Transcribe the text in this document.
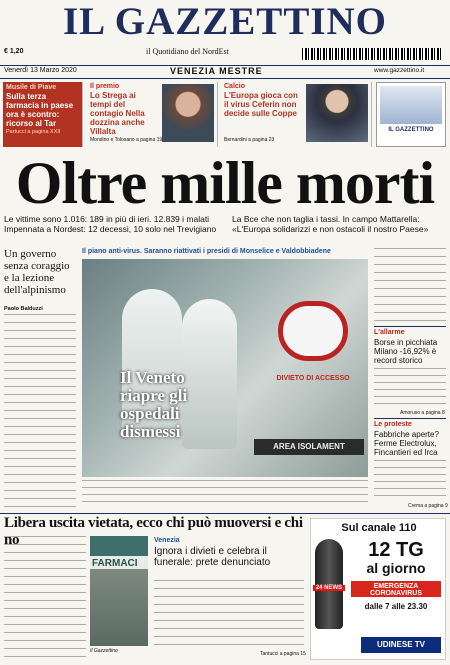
IL GAZZETTINO
€ 1,20	il Quotidiano del NordEst
Venerdì 13 Marzo 2020	VENEZIA MESTRE	www.gazzettino.it
Musile di Piave
Sulla terza farmacia in paese ora è scontro: ricorso al Tar
Partucci a pagina XXII
Il premio
Lo Strega ai tempi del contagio Nella dozzina anche Villalta
Mondino e Tolosano a pagina 19
Calcio
L'Europa gioca con il virus Ceferin non decide sulle Coppe
Bernardini a pagina 23
IL GAZZETTINO
Oltre mille morti
Le vittime sono 1.016: 189 in più di ieri. 12.839 i malati Impennata a Nordest: 12 decessi, 10 solo nel Trevigiano
La Bce che non taglia i tassi. In campo Mattarella: «L'Europa solidarizzi e non ostacoli il nostro Paese»
Un governo senza coraggio e la lezione dell'alpinismo
Paolo Balduzzi
Il piano anti-virus. Saranno riattivati i presidi di Monselice e Valdobbiadene
DIVIETO DI ACCESSO
AREA ISOLAMENT
Il Veneto riapre gli ospedali dismessi
L'allarme
Borse in picchiata Milano -16,92% è record storico
Amoruso a pagina 8
Le proteste
Fabbriche aperte? Ferme Electrolux, Fincantieri ed Irca
Crema a pagina 9
Libera uscita vietata, ecco chi può muoversi e chi no
FARMACI
Il Gazzettino
Venezia
Ignora i divieti e celebra il funerale: prete denunciato
Tantucci a pagina 15
Sul canale 110
24 NEWS
12 TG
al giorno
EMERGENZA
CORONAVIRUS
dalle 7 alle 23.30
UDINESE TV
